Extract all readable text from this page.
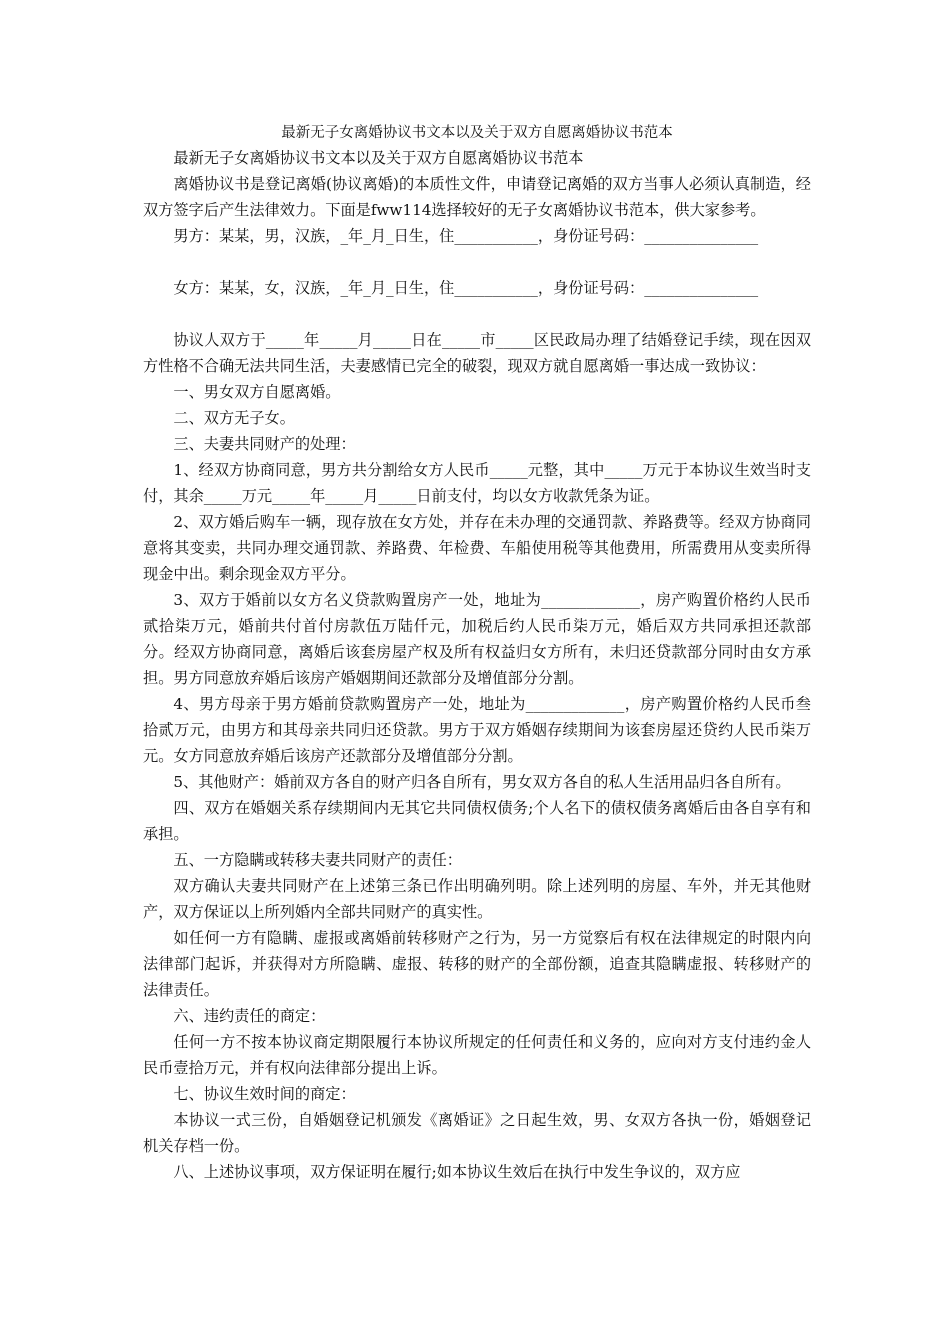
最新无子女离婚协议书文本以及关于双方自愿离婚协议书范本

最新无子女离婚协议书文本以及关于双方自愿离婚协议书范本

离婚协议书是登记离婚(协议离婚)的本质性文件，申请登记离婚的双方当事人必须认真制造，经双方签字后产生法律效力。下面是fww114选择较好的无子女离婚协议书范本，供大家参考。

男方：某某，男，汉族，_年_月_日生，住___________，身份证号码：_______________

女方：某某，女，汉族，_年_月_日生，住___________，身份证号码：_______________

协议人双方于_____年_____月_____日在_____市_____区民政局办理了结婚登记手续，现在因双方性格不合确无法共同生活，夫妻感情已完全的破裂，现双方就自愿离婚一事达成一致协议：

一、男女双方自愿离婚。

二、双方无子女。

三、夫妻共同财产的处理：

1、经双方协商同意，男方共分割给女方人民币_____元整，其中_____万元于本协议生效当时支付，其余_____万元_____年_____月_____日前支付，均以女方收款凭条为证。

2、双方婚后购车一辆，现存放在女方处，并存在未办理的交通罚款、养路费等。经双方协商同意将其变卖，共同办理交通罚款、养路费、年检费、车船使用税等其他费用，所需费用从变卖所得现金中出。剩余现金双方平分。

3、双方于婚前以女方名义贷款购置房产一处，地址为_____________，房产购置价格约人民币贰拾柒万元，婚前共付首付房款伍万陆仟元，加税后约人民币柒万元，婚后双方共同承担还款部分。经双方协商同意，离婚后该套房屋产权及所有权益归女方所有，未归还贷款部分同时由女方承担。男方同意放弃婚后该房产婚姻期间还款部分及增值部分分割。

4、男方母亲于男方婚前贷款购置房产一处，地址为_____________，房产购置价格约人民币叁拾贰万元，由男方和其母亲共同归还贷款。男方于双方婚姻存续期间为该套房屋还贷约人民币柒万元。女方同意放弃婚后该房产还款部分及增值部分分割。

5、其他财产：婚前双方各自的财产归各自所有，男女双方各自的私人生活用品归各自所有。

四、双方在婚姻关系存续期间内无其它共同债权债务;个人名下的债权债务离婚后由各自享有和承担。

五、一方隐瞒或转移夫妻共同财产的责任：

双方确认夫妻共同财产在上述第三条已作出明确列明。除上述列明的房屋、车外，并无其他财产，双方保证以上所列婚内全部共同财产的真实性。

如任何一方有隐瞒、虚报或离婚前转移财产之行为，另一方觉察后有权在法律规定的时限内向法律部门起诉，并获得对方所隐瞒、虚报、转移的财产的全部份额，追查其隐瞒虚报、转移财产的法律责任。

六、违约责任的商定：

任何一方不按本协议商定期限履行本协议所规定的任何责任和义务的，应向对方支付违约金人民币壹拾万元，并有权向法律部分提出上诉。

七、协议生效时间的商定：

本协议一式三份，自婚姻登记机颁发《离婚证》之日起生效，男、女双方各执一份，婚姻登记机关存档一份。

八、上述协议事项，双方保证明在履行;如本协议生效后在执行中发生争议的，双方应
